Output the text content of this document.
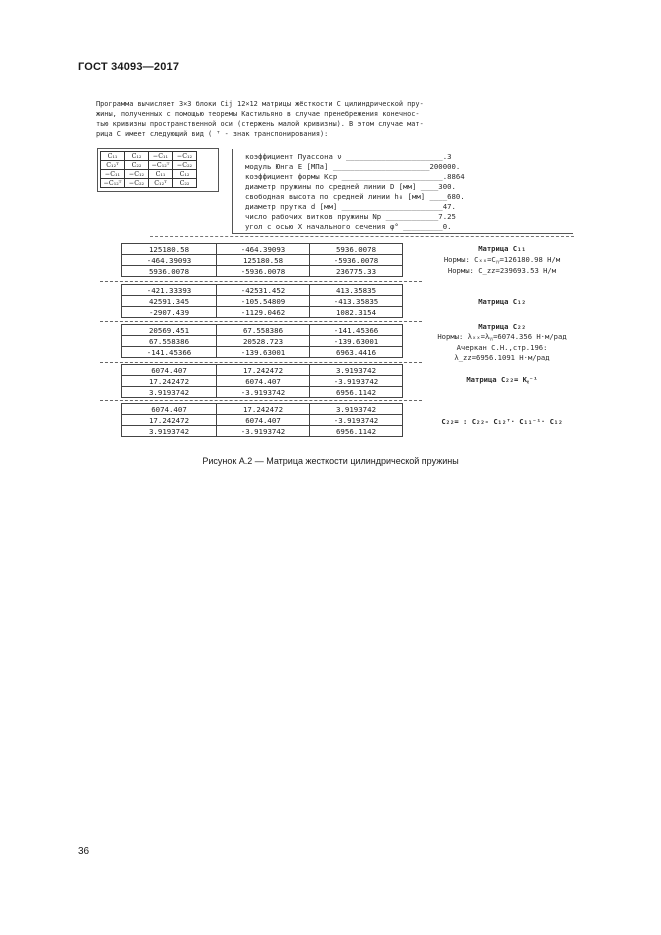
ГОСТ 34093—2017
Программа вычисляет 3×3 блоки Cij 12×12 матрицы жёсткости С цилиндрической пру-
жины, полученных с помощью теоремы Кастильяно в случае пренебрежения конечнос-
тью кривизны пространственной оси (стержень малой кривизны). В этом случае мат-
рица С имеет следующий вид ( ᵀ - знак транспонирования):
C₁₁	C₁₂	−C₁₁	−C₁₂
C₁₂ᵀ	C₂₂	−C₁₂ᵀ	−C₂₂
−C₁₁	−C₁₂	C₁₁	C₁₂
−C₁₂ᵀ	−C₂₂	C₁₂ᵀ	C₂₂
коэффициент Пуассона ν ______________________.3
модуль Юнга E [МПа] ______________________200000.
коэффициент формы Kср _______________________.8864
диаметр пружины по средней линии D [мм] ____300.
свободная высота по средней линии h₀ [мм] ____680.
диаметр прутка d [мм] _______________________47.
число рабочих витков пружины Nр ____________7.25
угол с осью X начального сечения φ° _________0.
125180.58	-464.39093	5936.0078
-464.39093	125180.58	-5936.0078
5936.0078	-5936.0078	236775.33
Матрица C₁₁
Нормы: Cₓₓ=Cᵧᵧ=126180.98 Н/м
Нормы: C_zz=239693.53 Н/м
-421.33393	-42531.452	413.35835
42591.345	-105.54809	-413.35835
-2907.439	-1129.0462	1082.3154
Матрица C₁₂
20569.451	67.558386	-141.45366
67.558386	20528.723	-139.63001
-141.45366	-139.63001	6963.4416
Матрица C₂₂
Нормы: λₓₓ=λᵧᵧ=6074.356 Н·м/рад
Ачеркан С.Н.,стр.196:
λ_zz=6956.1091 Н·м/рад
6074.407	17.242472	3.9193742
17.242472	6074.407	-3.9193742
3.9193742	-3.9193742	6956.1142
Матрица C₂₂= Kᵨ⁻¹
6074.407	17.242472	3.9193742
17.242472	6074.407	-3.9193742
3.9193742	-3.9193742	6956.1142
C₂₂= : C₂₂- C₁₂ᵀ· C₁₁⁻¹· C₁₂
Рисунок А.2 — Матрица жесткости цилиндрической пружины
36
